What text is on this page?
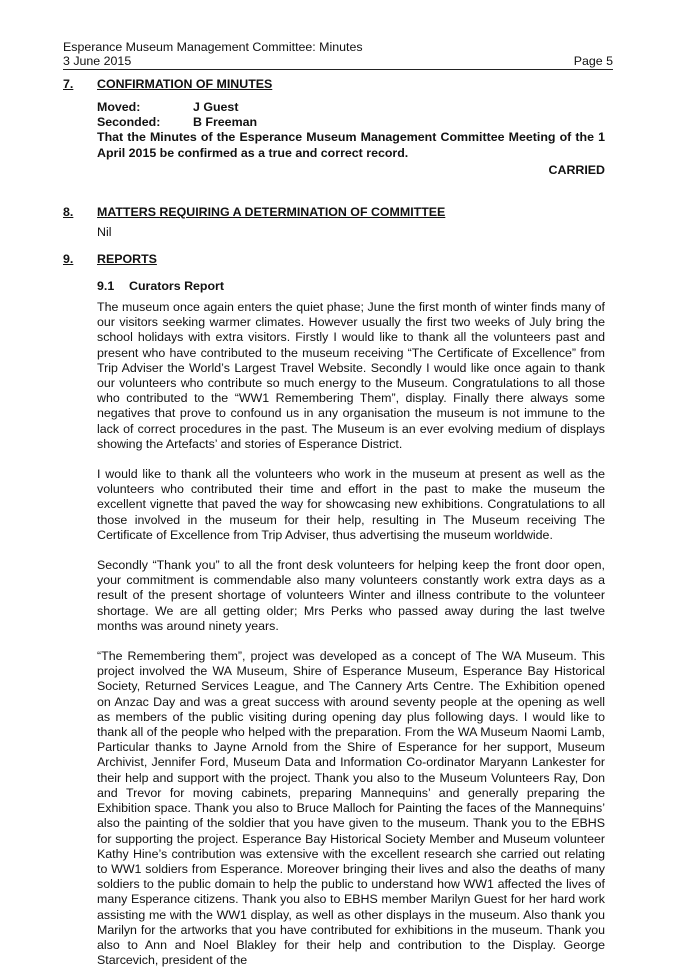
Esperance Museum Management Committee: Minutes
3 June 2015	Page 5
7. CONFIRMATION OF MINUTES
Moved:	J Guest
Seconded:	B Freeman

That the Minutes of the Esperance Museum Management Committee Meeting of the 1 April 2015 be confirmed as a true and correct record.

CARRIED
8. MATTERS REQUIRING A DETERMINATION OF COMMITTEE
Nil
9. REPORTS
9.1 Curators Report

The museum once again enters the quiet phase; June the first month of winter finds many of our visitors seeking warmer climates. However usually the first two weeks of July bring the school holidays with extra visitors. Firstly I would like to thank all the volunteers past and present who have contributed to the museum receiving “The Certificate of Excellence” from Trip Adviser the World’s Largest Travel Website. Secondly I would like once again to thank our volunteers who contribute so much energy to the Museum. Congratulations to all those who contributed to the “WW1 Remembering Them”, display. Finally there always some negatives that prove to confound us in any organisation the museum is not immune to the lack of correct procedures in the past. The Museum is an ever evolving medium of displays showing the Artefacts’ and stories of Esperance District.

I would like to thank all the volunteers who work in the museum at present as well as the volunteers who contributed their time and effort in the past to make the museum the excellent vignette that paved the way for showcasing new exhibitions. Congratulations to all those involved in the museum for their help, resulting in The Museum receiving The Certificate of Excellence from Trip Adviser, thus advertising the museum worldwide.

Secondly “Thank you” to all the front desk volunteers for helping keep the front door open, your commitment is commendable also many volunteers constantly work extra days as a result of the present shortage of volunteers Winter and illness contribute to the volunteer shortage. We are all getting older; Mrs Perks who passed away during the last twelve months was around ninety years.

“The Remembering them”, project was developed as a concept of The WA Museum. This project involved the WA Museum, Shire of Esperance Museum, Esperance Bay Historical Society, Returned Services League, and The Cannery Arts Centre. The Exhibition opened on Anzac Day and was a great success with around seventy people at the opening as well as members of the public visiting during opening day plus following days. I would like to thank all of the people who helped with the preparation. From the WA Museum Naomi Lamb, Particular thanks to Jayne Arnold from the Shire of Esperance for her support, Museum Archivist, Jennifer Ford, Museum Data and Information Co-ordinator Maryann Lankester for their help and support with the project. Thank you also to the Museum Volunteers Ray, Don and Trevor for moving cabinets, preparing Mannequins’ and generally preparing the Exhibition space. Thank you also to Bruce Malloch for Painting the faces of the Mannequins’ also the painting of the soldier that you have given to the museum. Thank you to the EBHS for supporting the project. Esperance Bay Historical Society Member and Museum volunteer Kathy Hine’s contribution was extensive with the excellent research she carried out relating to WW1 soldiers from Esperance. Moreover bringing their lives and also the deaths of many soldiers to the public domain to help the public to understand how WW1 affected the lives of many Esperance citizens. Thank you also to EBHS member Marilyn Guest for her hard work assisting me with the WW1 display, as well as other displays in the museum. Also thank you Marilyn for the artworks that you have contributed for exhibitions in the museum. Thank you also to Ann and Noel Blakley for their help and contribution to the Display. George Starcevich, president of the
